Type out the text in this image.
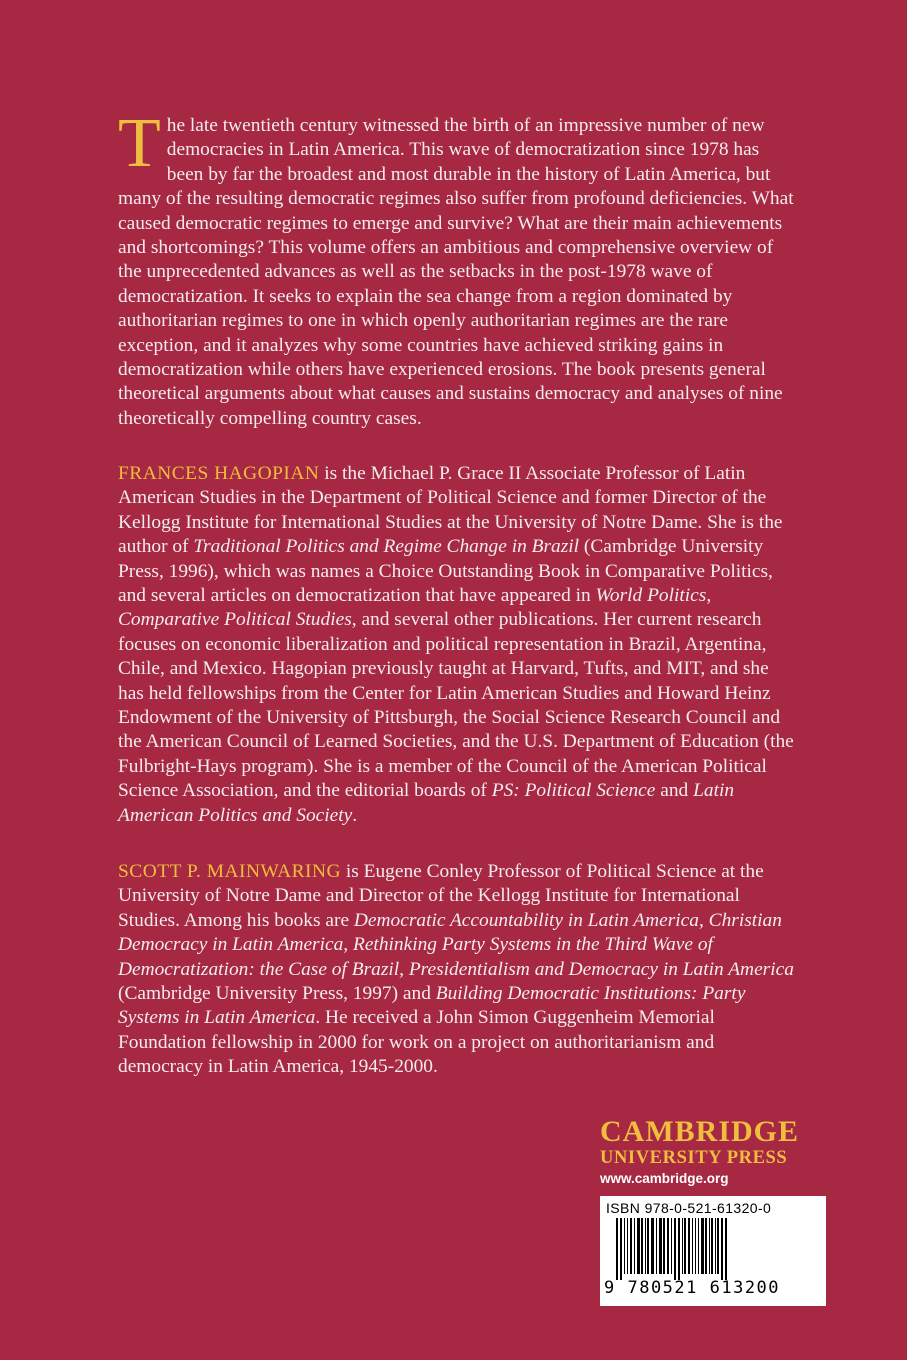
The late twentieth century witnessed the birth of an impressive number of new democracies in Latin America. This wave of democratization since 1978 has been by far the broadest and most durable in the history of Latin America, but many of the resulting democratic regimes also suffer from profound deficiencies. What caused democratic regimes to emerge and survive? What are their main achievements and shortcomings? This volume offers an ambitious and comprehensive overview of the unprecedented advances as well as the setbacks in the post-1978 wave of democratization. It seeks to explain the sea change from a region dominated by authoritarian regimes to one in which openly authoritarian regimes are the rare exception, and it analyzes why some countries have achieved striking gains in democratization while others have experienced erosions. The book presents general theoretical arguments about what causes and sustains democracy and analyses of nine theoretically compelling country cases.
FRANCES HAGOPIAN is the Michael P. Grace II Associate Professor of Latin American Studies in the Department of Political Science and former Director of the Kellogg Institute for International Studies at the University of Notre Dame. She is the author of Traditional Politics and Regime Change in Brazil (Cambridge University Press, 1996), which was names a Choice Outstanding Book in Comparative Politics, and several articles on democratization that have appeared in World Politics, Comparative Political Studies, and several other publications. Her current research focuses on economic liberalization and political representation in Brazil, Argentina, Chile, and Mexico. Hagopian previously taught at Harvard, Tufts, and MIT, and she has held fellowships from the Center for Latin American Studies and Howard Heinz Endowment of the University of Pittsburgh, the Social Science Research Council and the American Council of Learned Societies, and the U.S. Department of Education (the Fulbright-Hays program). She is a member of the Council of the American Political Science Association, and the editorial boards of PS: Political Science and Latin American Politics and Society.
SCOTT P. MAINWARING is Eugene Conley Professor of Political Science at the University of Notre Dame and Director of the Kellogg Institute for International Studies. Among his books are Democratic Accountability in Latin America, Christian Democracy in Latin America, Rethinking Party Systems in the Third Wave of Democratization: the Case of Brazil, Presidentialism and Democracy in Latin America (Cambridge University Press, 1997) and Building Democratic Institutions: Party Systems in Latin America. He received a John Simon Guggenheim Memorial Foundation fellowship in 2000 for work on a project on authoritarianism and democracy in Latin America, 1945-2000.
CAMBRIDGE
UNIVERSITY PRESS
www.cambridge.org
ISBN 978-0-521-61320-0
9 780521 613200
